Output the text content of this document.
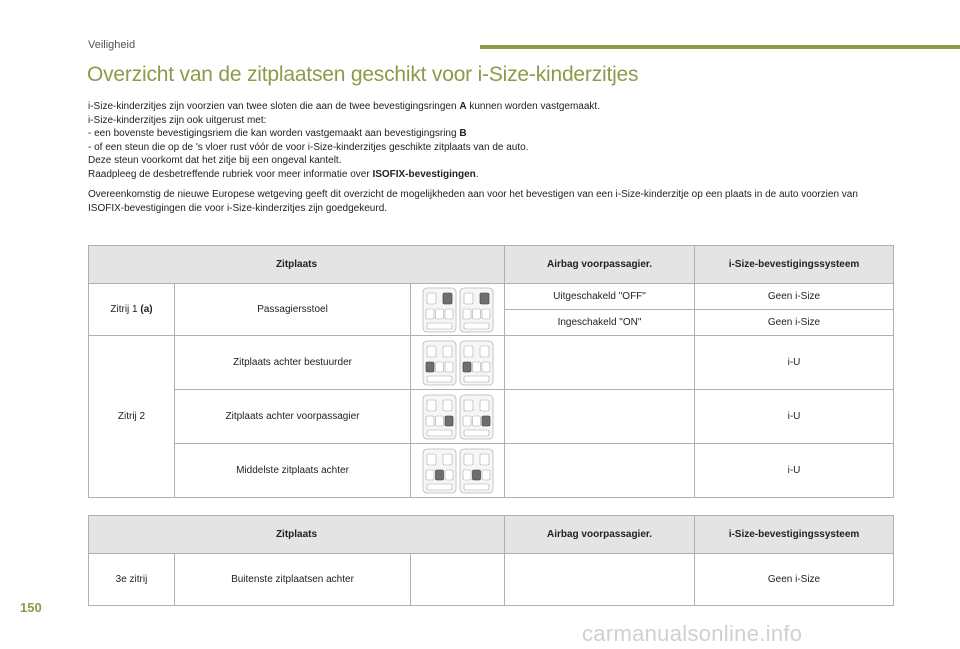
Veiligheid
Overzicht van de zitplaatsen geschikt voor i-Size-kinderzitjes

i-Size-kinderzitjes zijn voorzien van twee sloten die aan de twee bevestigingsringen A kunnen worden vastgemaakt.

i-Size-kinderzitjes zijn ook uitgerust met:

- een bovenste bevestigingsriem die kan worden vastgemaakt aan bevestigingsring B

- of een steun die op de 's vloer rust vóór de voor i-Size-kinderzitjes geschikte zitplaats van de auto.

Deze steun voorkomt dat het zitje bij een ongeval kantelt.

Raadpleeg de desbetreffende rubriek voor meer informatie over ISOFIX-bevestigingen.

Overeenkomstig de nieuwe Europese wetgeving geeft dit overzicht de mogelijkheden aan voor het bevestigen van een i-Size-kinderzitje op een plaats in de auto voorzien van ISOFIX-bevestigingen die voor i-Size-kinderzitjes zijn goedgekeurd.

Zitplaats			Airbag voorpassagier.	i-Size-bevestigingssysteem
Zitrij 1 (a)	Passagiersstoel		Uitgeschakeld "OFF"	Geen i-Size
			Ingeschakeld "ON"	Geen i-Size
Zitrij 2	Zitplaats achter bestuurder			i-U
	Zitplaats achter voorpassagier			i-U
	Middelste zitplaats achter			i-U
Zitplaats			Airbag voorpassagier.	i-Size-bevestigingssysteem
3e zitrij	Buitenste zitplaatsen achter			Geen i-Size
150
carmanualsonline.info
